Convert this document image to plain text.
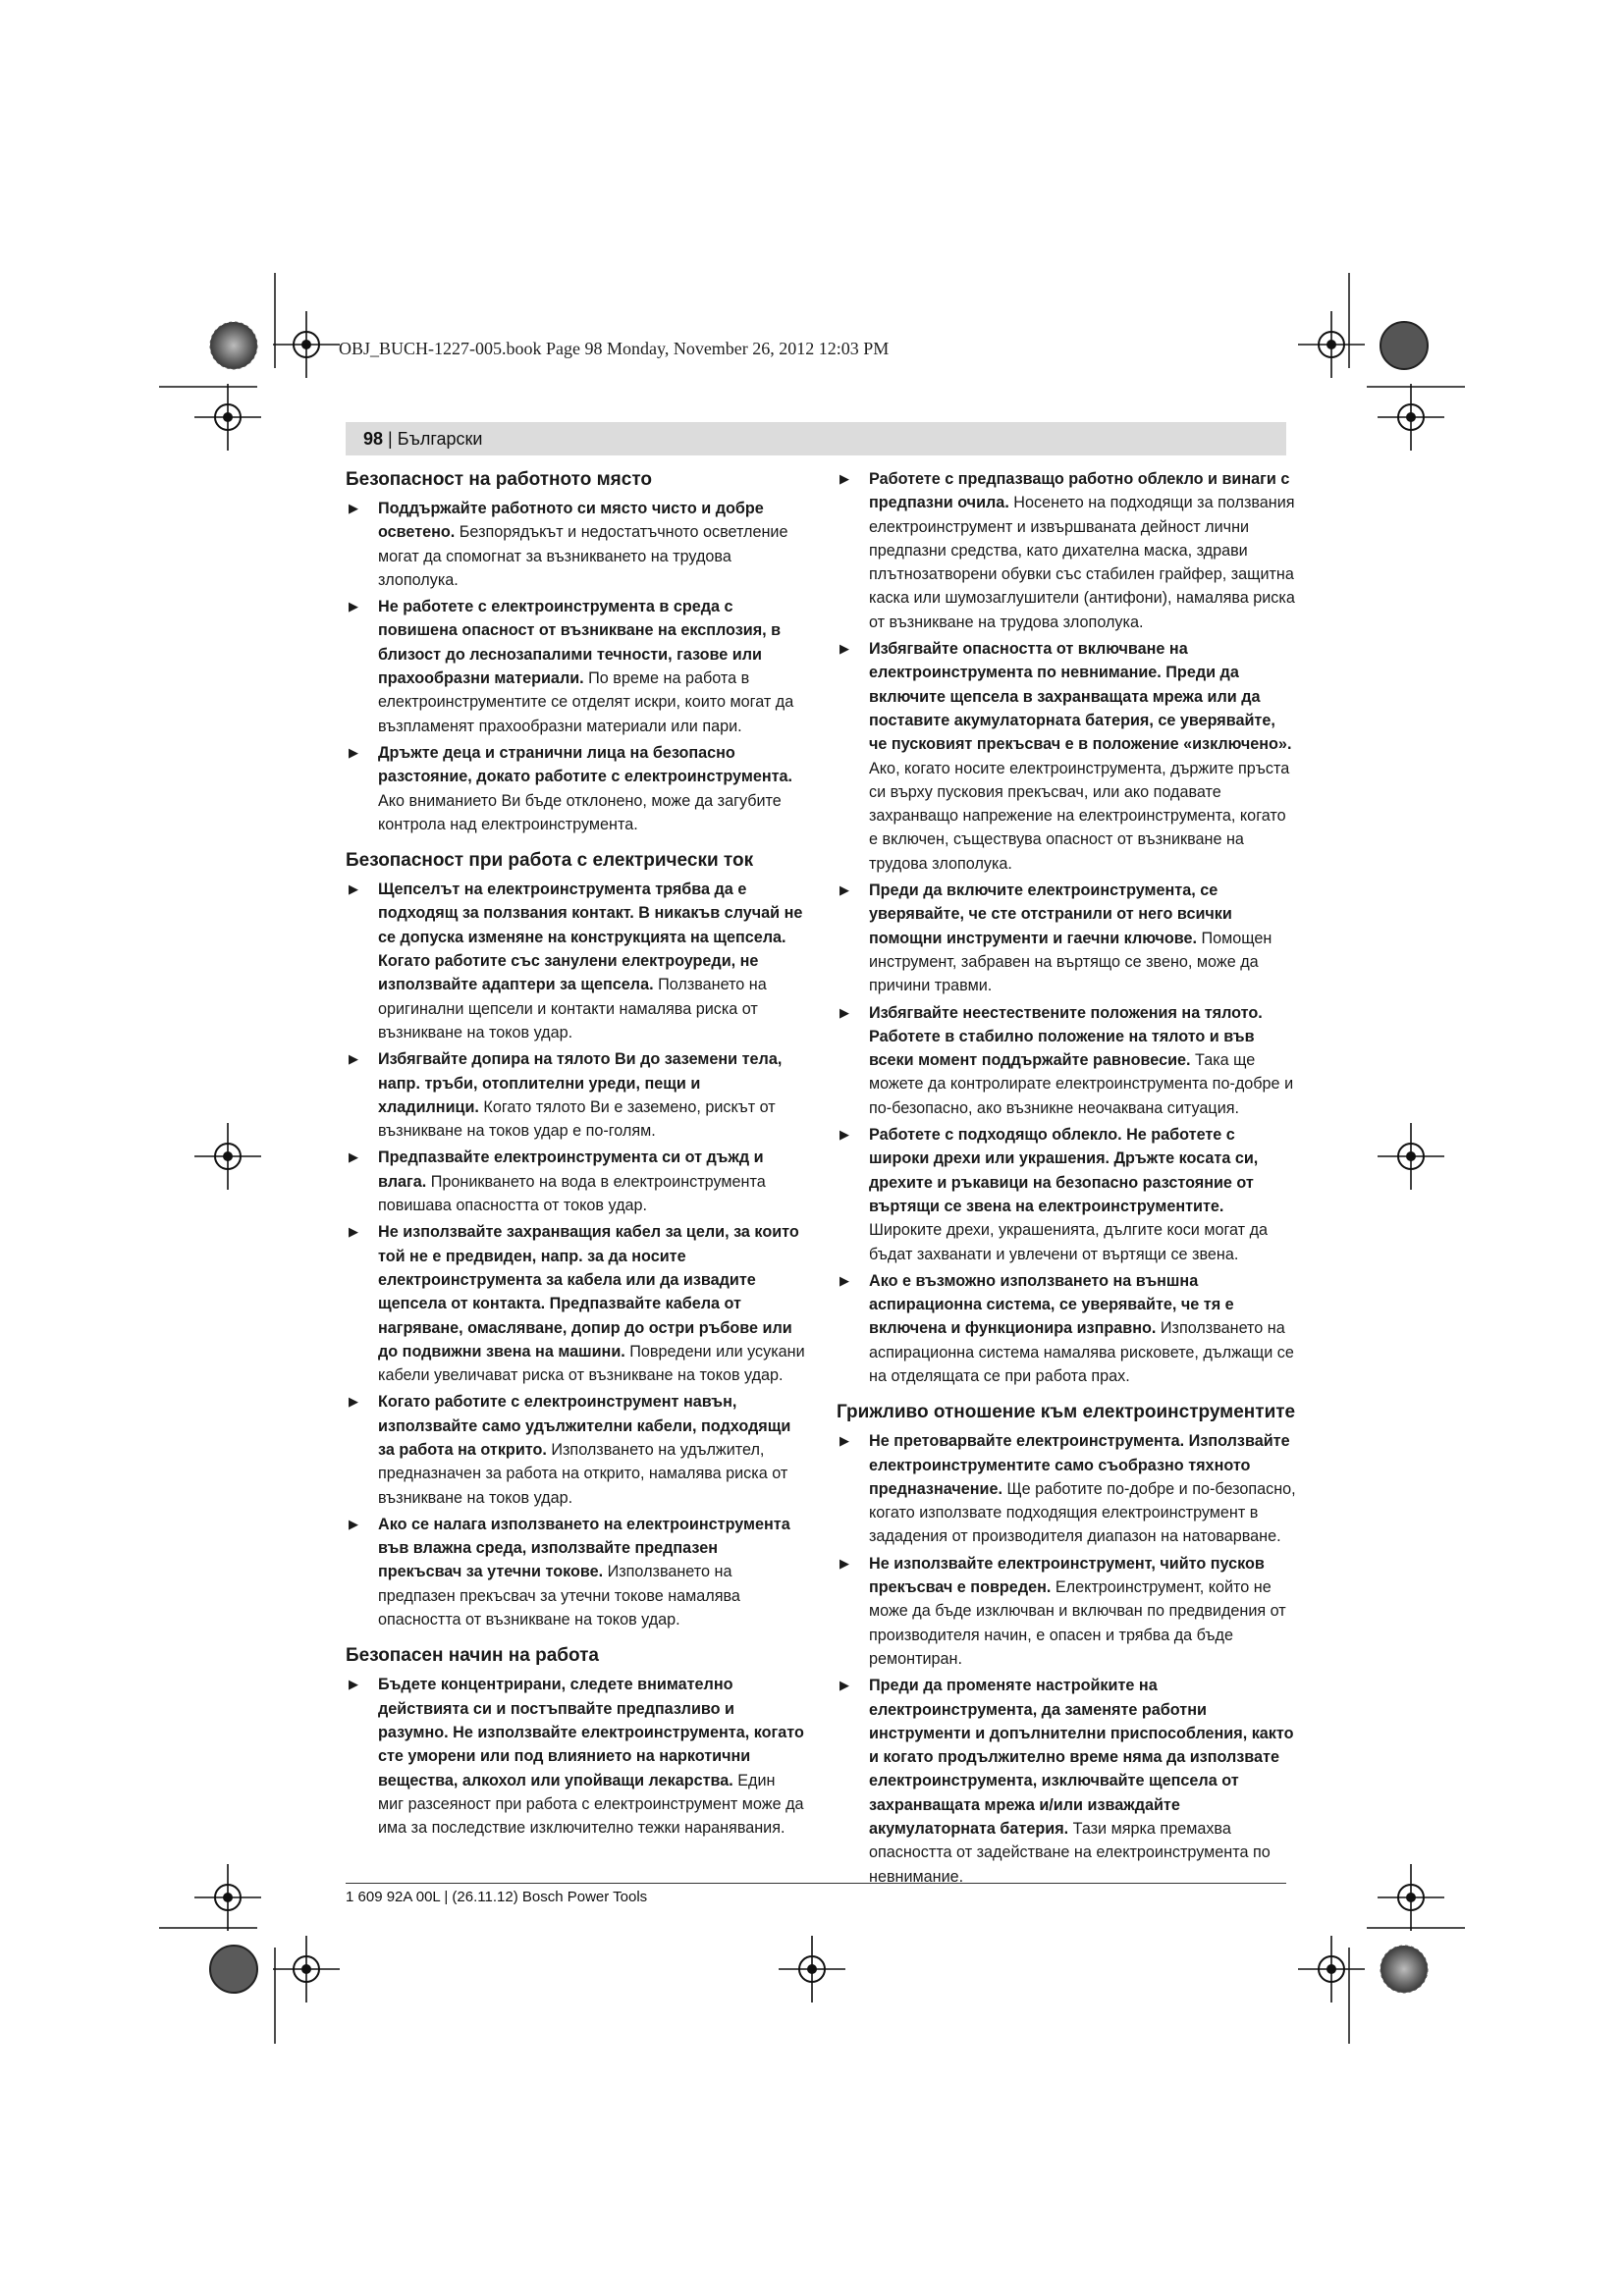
OBJ_BUCH-1227-005.book Page 98 Monday, November 26, 2012 12:03 PM
98 | Български
Безопасност на работното място
▶ Поддържайте работното си място чисто и добре осветено. Безпорядъкът и недостатъчното осветление могат да спомогнат за възникването на трудова злополука.
▶ Не работете с електроинструмента в среда с повишена опасност от възникване на експлозия, в близост до леснозапалими течности, газове или прахообразни материали. По време на работа в електроинструментите се отделят искри, които могат да възпламенят прахообразни материали или пари.
▶ Дръжте деца и странични лица на безопасно разстояние, докато работите с електроинструмента. Ако вниманието Ви бъде отклонено, може да загубите контрола над електроинструмента.
Безопасност при работа с електрически ток
▶ Щепселът на електроинструмента трябва да е подходящ за ползвания контакт. В никакъв случай не се допуска изменяне на конструкцията на щепсела. Когато работите със занулени електроуреди, не използвайте адаптери за щепсела. Ползването на оригинални щепсели и контакти намалява риска от възникване на токов удар.
▶ Избягвайте допира на тялото Ви до заземени тела, напр. тръби, отоплителни уреди, пещи и хладилници. Когато тялото Ви е заземено, рискът от възникване на токов удар е по-голям.
▶ Предпазвайте електроинструмента си от дъжд и влага. Проникването на вода в електроинструмента повишава опасността от токов удар.
▶ Не използвайте захранващия кабел за цели, за които той не е предвиден, напр. за да носите електроинструмента за кабела или да извадите щепсела от контакта. Предпазвайте кабела от нагряване, омасляване, допир до остри ръбове или до подвижни звена на машини. Повредени или усукани кабели увеличават риска от възникване на токов удар.
▶ Когато работите с електроинструмент навън, използвайте само удължителни кабели, подходящи за работа на открито. Използването на удължител, предназначен за работа на открито, намалява риска от възникване на токов удар.
▶ Ако се налага използването на електроинструмента във влажна среда, използвайте предпазен прекъсвач за утечни токове. Използването на предпазен прекъсвач за утечни токове намалява опасността от възникване на токов удар.
Безопасен начин на работа
▶ Бъдете концентрирани, следете внимателно действията си и постъпвайте предпазливо и разумно. Не използвайте електроинструмента, когато сте уморени или под влиянието на наркотични вещества, алкохол или упойващи лекарства. Един миг разсеяност при работа с електроинструмент може да има за последствие изключително тежки наранявания.
▶ Работете с предпазващо работно облекло и винаги с предпазни очила. Носенето на подходящи за ползвания електроинструмент и извършваната дейност лични предпазни средства, като дихателна маска, здрави плътнозатворени обувки със стабилен грайфер, защитна каска или шумозаглушители (антифони), намалява риска от възникване на трудова злополука.
▶ Избягвайте опасността от включване на електроинструмента по невнимание. Преди да включите щепсела в захранващата мрежа или да поставите акумулаторната батерия, се уверявайте, че пусковият прекъсвач е в положение «изключено». Ако, когато носите електроинструмента, държите пръста си върху пусковия прекъсвач, или ако подавате захранващо напрежение на електроинструмента, когато е включен, съществува опасност от възникване на трудова злополука.
▶ Преди да включите електроинструмента, се уверявайте, че сте отстранили от него всички помощни инструменти и гаечни ключове. Помощен инструмент, забравен на въртящо се звено, може да причини травми.
▶ Избягвайте неестествените положения на тялото. Работете в стабилно положение на тялото и във всеки момент поддържайте равновесие. Така ще можете да контролирате електроинструмента по-добре и по-безопасно, ако възникне неочаквана ситуация.
▶ Работете с подходящо облекло. Не работете с широки дрехи или украшения. Дръжте косата си, дрехите и ръкавици на безопасно разстояние от въртящи се звена на електроинструментите. Широките дрехи, украшенията, дългите коси могат да бъдат захванати и увлечени от въртящи се звена.
▶ Ако е възможно използването на външна аспирационна система, се уверявайте, че тя е включена и функционира изправно. Използването на аспирационна система намалява рисковете, дължащи се на отделящата се при работа прах.
Грижливо отношение към електроинструментите
▶ Не претоварвайте електроинструмента. Използвайте електроинструментите само съобразно тяхното предназначение. Ще работите по-добре и по-безопасно, когато използвате подходящия електроинструмент в зададения от производителя диапазон на натоварване.
▶ Не използвайте електроинструмент, чийто пусков прекъсвач е повреден. Електроинструмент, който не може да бъде изключван и включван по предвидения от производителя начин, е опасен и трябва да бъде ремонтиран.
▶ Преди да променяте настройките на електроинструмента, да заменяте работни инструменти и допълнителни приспособления, както и когато продължително време няма да използвате електроинструмента, изключвайте щепсела от захранващата мрежа и/или изваждайте акумулаторната батерия. Тази мярка премахва опасността от задействане на електроинструмента по невнимание.
1 609 92A 00L | (26.11.12) Bosch Power Tools
